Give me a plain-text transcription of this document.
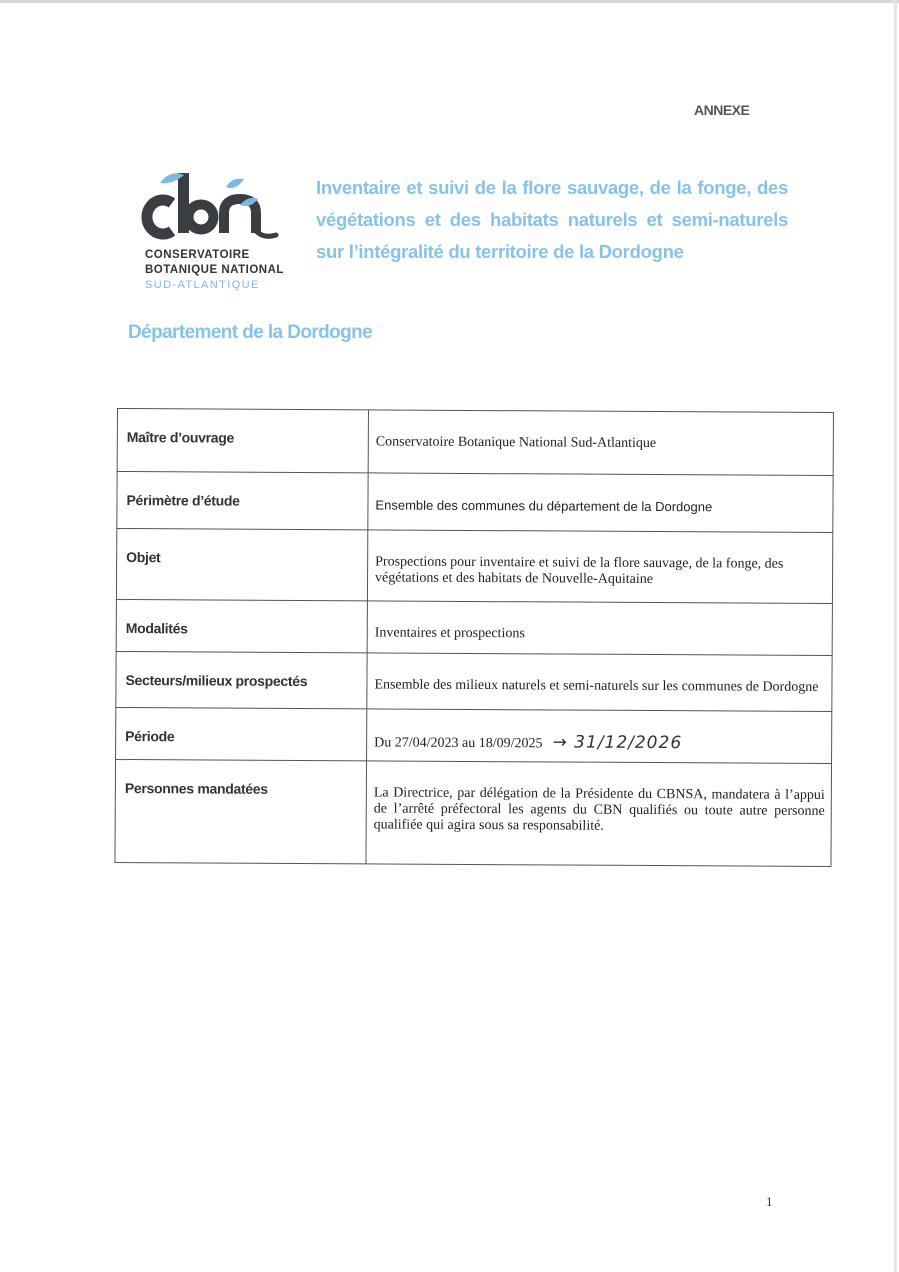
ANNEXE
CONSERVATOIRE
BOTANIQUE NATIONAL
SUD-ATLANTIQUE
Inventaire et suivi de la flore sauvage, de la fonge, des végétations et des habitats naturels et semi-naturels sur l’intégralité du territoire de la Dordogne
Département de la Dordogne
Maître d’ouvrage	Conservatoire Botanique National Sud-Atlantique
Périmètre d’étude	Ensemble des communes du département de la Dordogne
Objet	Prospections pour inventaire et suivi de la flore sauvage, de la fonge, des végétations et des habitats de Nouvelle-Aquitaine
Modalités	Inventaires et prospections
Secteurs/milieux prospectés	Ensemble des milieux naturels et semi-naturels sur les communes de Dordogne
Période	Du 27/04/2023 au 18/09/2025 → 31/12/2026
Personnes mandatées	La Directrice, par délégation de la Présidente du CBNSA, mandatera à l’appui de l’arrêté préfectoral les agents du CBN qualifiés ou toute autre personne qualifiée qui agira sous sa responsabilité.
1
